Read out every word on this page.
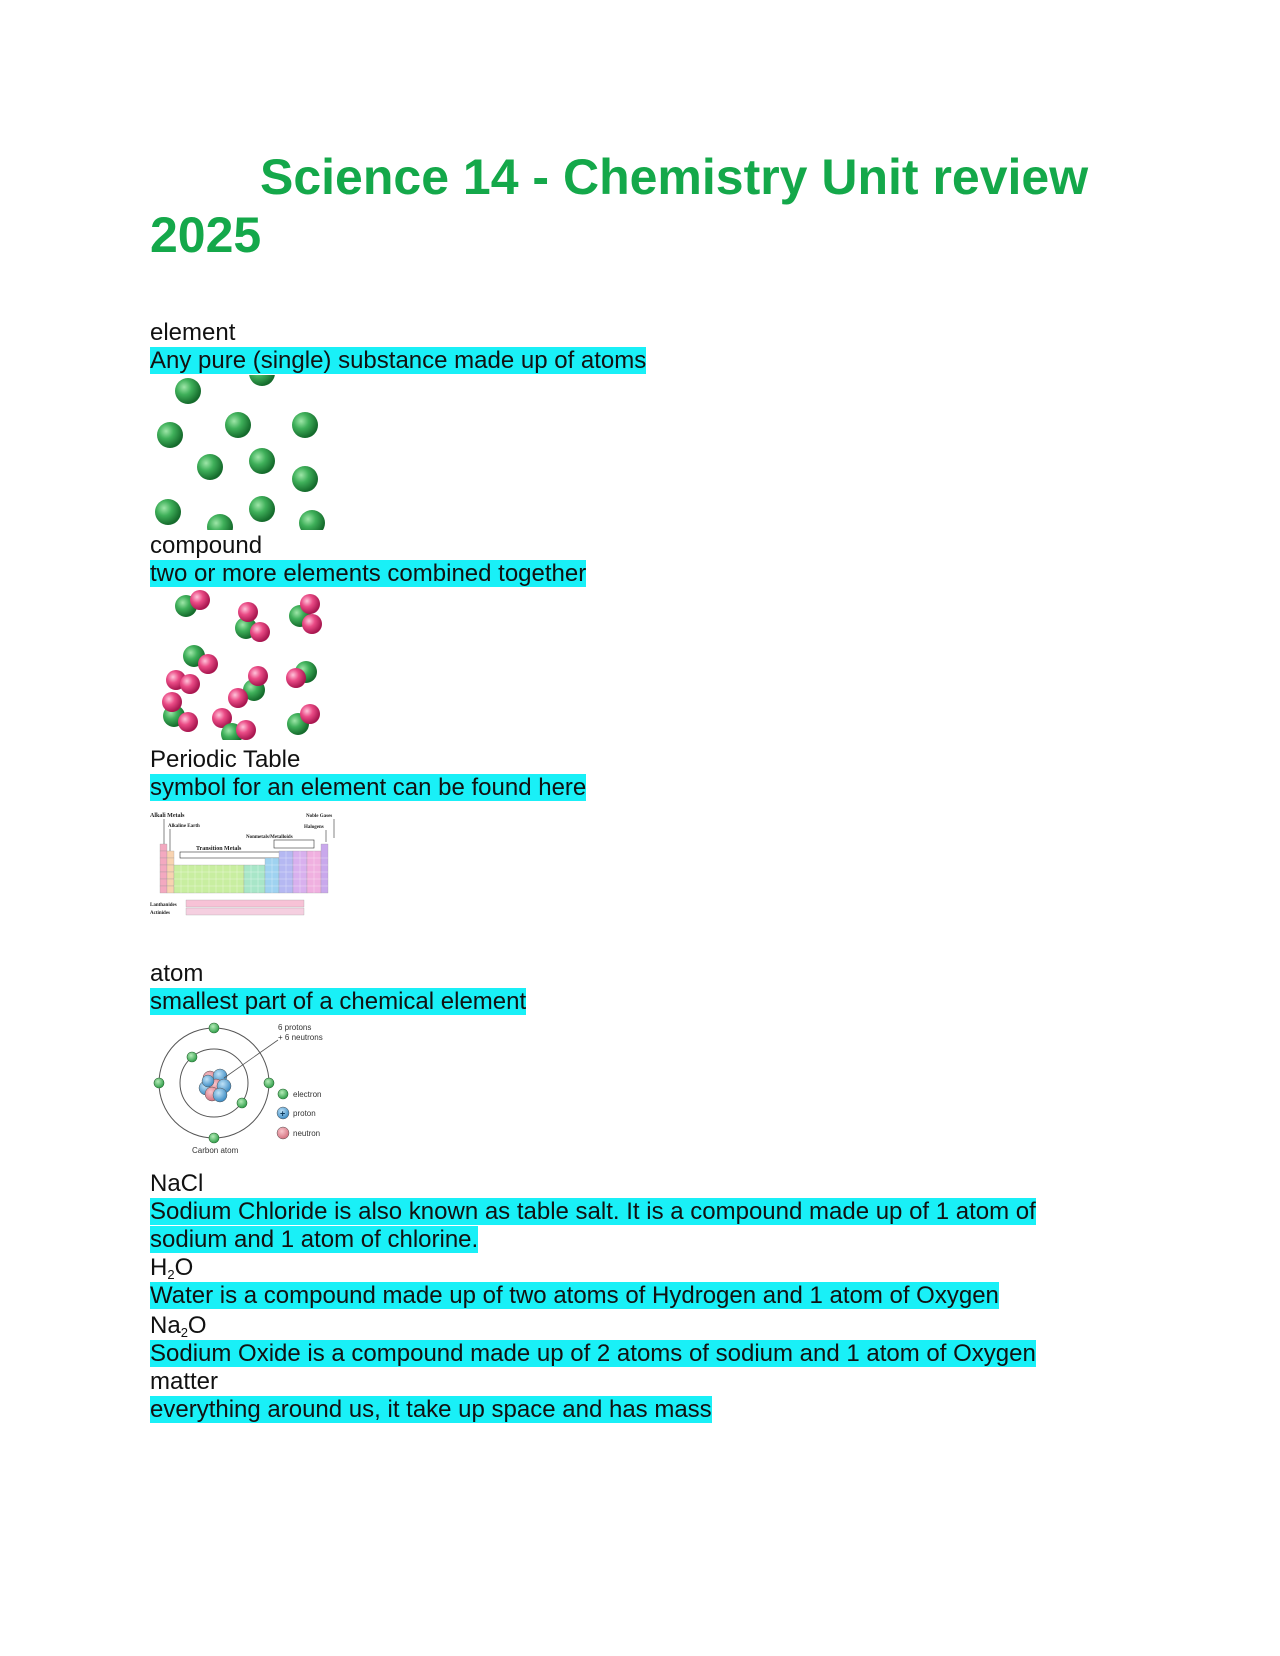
Science 14 - Chemistry Unit review
2025
element
Any pure (single) substance made up of atoms
compound
two or more elements combined together
Periodic Table
symbol for an element can be found here
Alkali Metals
Alkaline Earth
Noble Gases
Halogens
Nonmetals/Metalloids
Transition Metals
Lanthanides
Actinides
atom
smallest part of a chemical element
6 protons
+ 6 neutrons
electron
+ proton
neutron
Carbon atom
NaCl
Sodium Chloride is also known as table salt. It is a compound made up of 1 atom of sodium and 1 atom of chlorine.
$H_2O$
Water is a compound made up of two atoms of Hydrogen and 1 atom of Oxygen
$Na_2O$
Sodium Oxide is a compound made up of 2 atoms of sodium and 1 atom of Oxygen
matter
everything around us, it take up space and has mass
